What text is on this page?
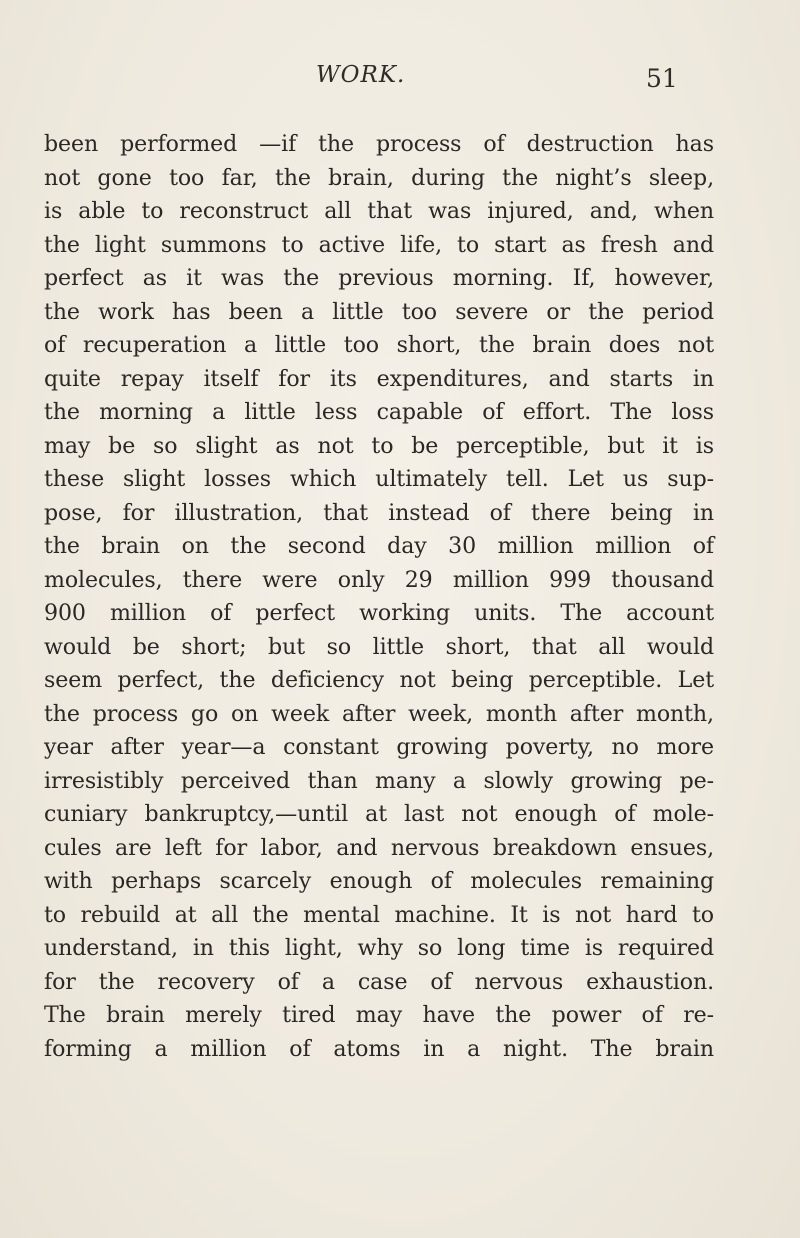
WORK.	51
been performed —if the process of destruction has
not gone too far, the brain, during the night’s sleep,
is able to reconstruct all that was injured, and, when
the light summons to active life, to start as fresh and
perfect as it was the previous morning. If, however,
the work has been a little too severe or the period
of recuperation a little too short, the brain does not
quite repay itself for its expenditures, and starts in
the morning a little less capable of effort. The loss
may be so slight as not to be perceptible, but it is
these slight losses which ultimately tell. Let us sup-
pose, for illustration, that instead of there being in
the brain on the second day 30 million million of
molecules, there were only 29 million 999 thousand
900 million of perfect working units. The account
would be short; but so little short, that all would
seem perfect, the deficiency not being perceptible. Let
the process go on week after week, month after month,
year after year—a constant growing poverty, no more
irresistibly perceived than many a slowly growing pe-
cuniary bankruptcy,—until at last not enough of mole-
cules are left for labor, and nervous breakdown ensues,
with perhaps scarcely enough of molecules remaining
to rebuild at all the mental machine. It is not hard to
understand, in this light, why so long time is required
for the recovery of a case of nervous exhaustion.
The brain merely tired may have the power of re-
forming a million of atoms in a night. The brain
